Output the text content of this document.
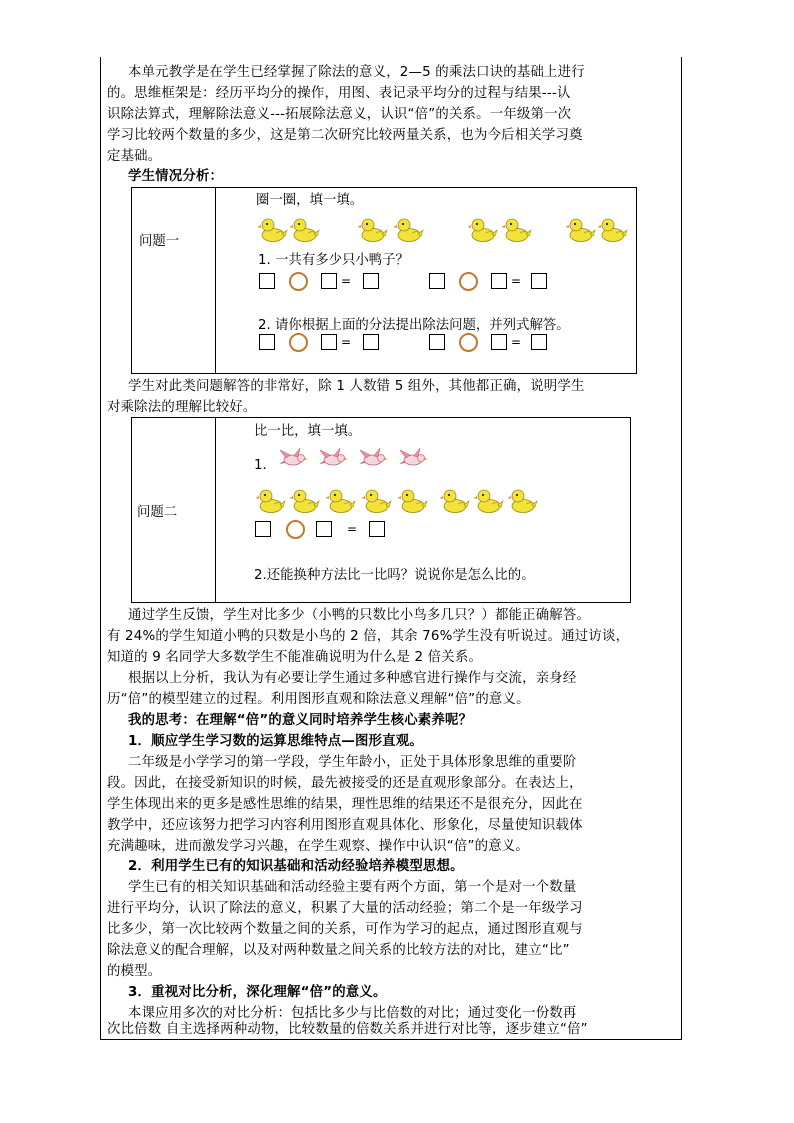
本单元教学是在学生已经掌握了除法的意义，2—5 的乘法口诀的基础上进行
的。思维框架是：经历平均分的操作，用图、表记录平均分的过程与结果---认
识除法算式，理解除法意义---拓展除法意义，认识“倍”的关系。一年级第一次
学习比较两个数量的多少，这是第二次研究比较两量关系，也为今后相关学习奠
定基础。
学生情况分析：
问题一
圈一圈，填一填。
1. 一共有多少只小鸭子？
=	=
2. 请你根据上面的分法提出除法问题，并列式解答。
=	=
学生对此类问题解答的非常好，除 1 人数错 5 组外，其他都正确，说明学生
对乘除法的理解比较好。
问题二
比一比，填一填。
1.
=
2.还能换种方法比一比吗？说说你是怎么比的。
通过学生反馈，学生对比多少（小鸭的只数比小鸟多几只？）都能正确解答。
有 24%的学生知道小鸭的只数是小鸟的 2 倍，其余 76%学生没有听说过。通过访谈，
知道的 9 名同学大多数学生不能准确说明为什么是 2 倍关系。
根据以上分析，我认为有必要让学生通过多种感官进行操作与交流，亲身经
历“倍”的模型建立的过程。利用图形直观和除法意义理解“倍”的意义。
我的思考：在理解“倍”的意义同时培养学生核心素养呢？
1．顺应学生学习数的运算思维特点—图形直观。
二年级是小学学习的第一学段，学生年龄小，正处于具体形象思维的重要阶
段。因此，在接受新知识的时候，最先被接受的还是直观形象部分。在表达上，
学生体现出来的更多是感性思维的结果，理性思维的结果还不是很充分，因此在
教学中，还应该努力把学习内容利用图形直观具体化、形象化，尽量使知识载体
充满趣味，进而激发学习兴趣，在学生观察、操作中认识“倍”的意义。
2．利用学生已有的知识基础和活动经验培养模型思想。
学生已有的相关知识基础和活动经验主要有两个方面，第一个是对一个数量
进行平均分，认识了除法的意义，积累了大量的活动经验；第二个是一年级学习
比多少，第一次比较两个数量之间的关系，可作为学习的起点，通过图形直观与
除法意义的配合理解，以及对两种数量之间关系的比较方法的对比，建立“比”
的模型。
3．重视对比分析，深化理解“倍”的意义。
本课应用多次的对比分析：包括比多少与比倍数的对比；通过变化一份数再
次比倍数 自主选择两种动物，比较数量的倍数关系并进行对比等，逐步建立“倍”
